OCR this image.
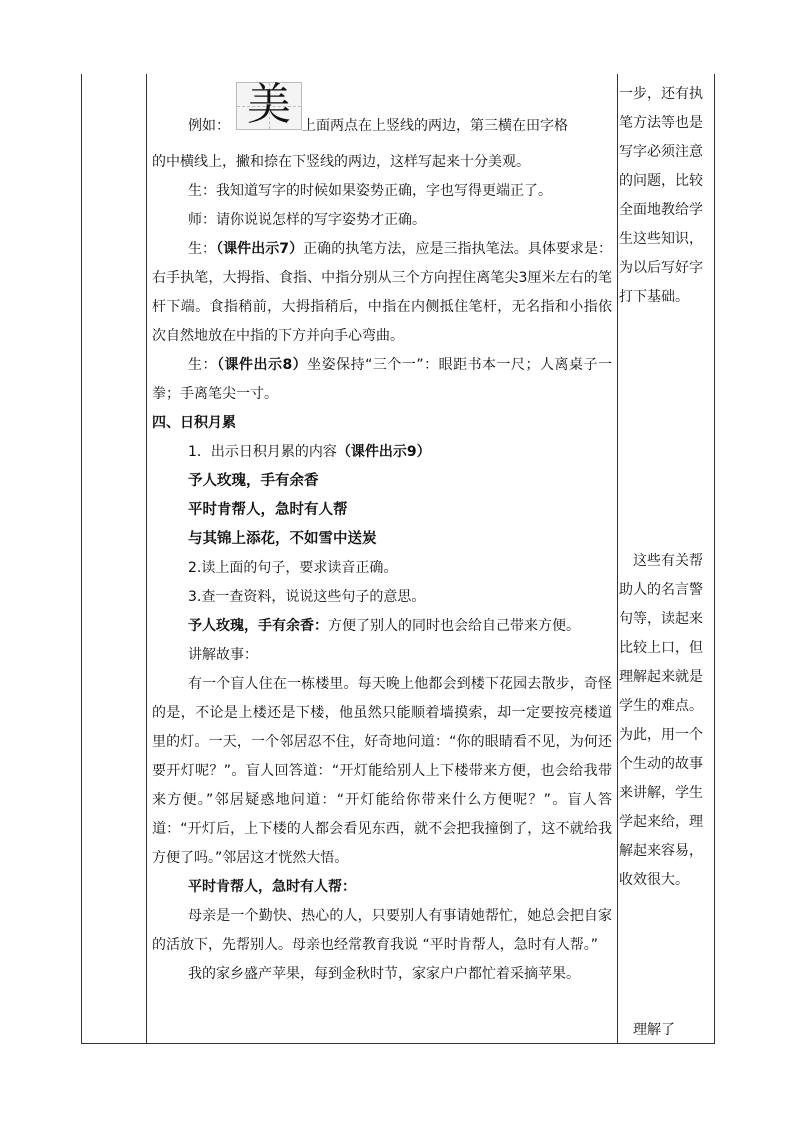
例如： 美 上面两点在上竖线的两边，第三横在田字格

的中横线上，撇和捺在下竖线的两边，这样写起来十分美观。

生：我知道写字的时候如果姿势正确，字也写得更端正了。

师：请你说说怎样的写字姿势才正确。

生：（课件出示7）正确的执笔方法，应是三指执笔法。具体要求是：右手执笔，大拇指、食指、中指分别从三个方向捏住离笔尖3厘米左右的笔杆下端。食指稍前，大拇指稍后，中指在内侧抵住笔杆，无名指和小指依次自然地放在中指的下方并向手心弯曲。

生：（课件出示8）坐姿保持“三个一”：眼距书本一尺；人离桌子一拳；手离笔尖一寸。

四、日积月累

1．出示日积月累的内容（课件出示9）

予人玫瑰，手有余香

平时肯帮人，急时有人帮

与其锦上添花，不如雪中送炭

2.读上面的句子，要求读音正确。

3.查一查资料，说说这些句子的意思。

予人玫瑰，手有余香：方便了别人的同时也会给自己带来方便。

讲解故事：

有一个盲人住在一栋楼里。每天晚上他都会到楼下花园去散步，奇怪的是，不论是上楼还是下楼，他虽然只能顺着墙摸索，却一定要按亮楼道里的灯。一天，一个邻居忍不住，好奇地问道：“你的眼睛看不见，为何还要开灯呢？”。盲人回答道：“开灯能给别人上下楼带来方便，也会给我带来方便。”邻居疑惑地问道：“开灯能给你带来什么方便呢？”。盲人答道：“开灯后，上下楼的人都会看见东西，就不会把我撞倒了，这不就给我方便了吗。”邻居这才恍然大悟。

平时肯帮人，急时有人帮：

母亲是一个勤快、热心的人，只要别人有事请她帮忙，她总会把自家的活放下，先帮别人。母亲也经常教育我说 “平时肯帮人，急时有人帮。”

我的家乡盛产苹果，每到金秋时节，家家户户都忙着采摘苹果。

一步，还有执笔方法等也是写字必须注意的问题，比较全面地教给学生这些知识，为以后写好字打下基础。

　这些有关帮助人的名言警句等，读起来比较上口，但理解起来就是学生的难点。为此，用一个个生动的故事来讲解，学生学起来给，理解起来容易，收效很大。

　理解了
